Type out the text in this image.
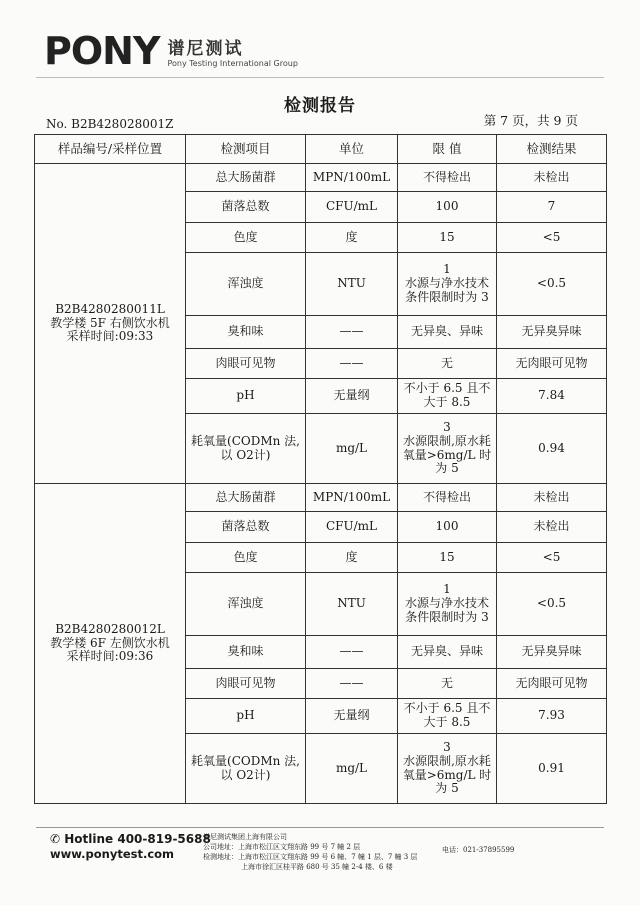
PONY 谱尼测试
Pony Testing International Group
检测报告
No. B2B428028001Z	第 7 页，共 9 页
样品编号/采样位置	检测项目	单位	限 值	检测结果

B2B4280280011L
教学楼 5F 右侧饮水机
采样时间:09:33	总大肠菌群	MPN/100mL	不得检出	未检出
	菌落总数	CFU/mL	100	7
	色度	度	15	<5
	浑浊度	NTU	1
水源与净水技术条件限制时为 3	<0.5
	臭和味	——	无异臭、异味	无异臭异味
	肉眼可见物	——	无	无肉眼可见物
	pH	无量纲	不小于 6.5 且不大于 8.5	7.84
	耗氧量(CODMn 法,以 O2计)	mg/L	3
水源限制,原水耗氧量>6mg/L 时为 5	0.94

B2B4280280012L
教学楼 6F 左侧饮水机
采样时间:09:36	总大肠菌群	MPN/100mL	不得检出	未检出
	菌落总数	CFU/mL	100	未检出
	色度	度	15	<5
	浑浊度	NTU	1
水源与净水技术条件限制时为 3	<0.5
	臭和味	——	无异臭、异味	无异臭异味
	肉眼可见物	——	无	无肉眼可见物
	pH	无量纲	不小于 6.5 且不大于 8.5	7.93
	耗氧量(CODMn 法,以 O2计)	mg/L	3
水源限制,原水耗氧量>6mg/L 时为 5	0.91
✆ Hotline 400-819-5688
www.ponytest.com
谱尼测试集团上海有限公司
公司地址：上海市松江区文翔东路 99 号 7 幢 2 层
检测地址：上海市松江区文翔东路 99 号 6 幢、7 幢 1 层、7 幢 3 层
上海市徐汇区桂平路 680 号 35 幢 2-4 楼、6 楼
电话：021-37895599
